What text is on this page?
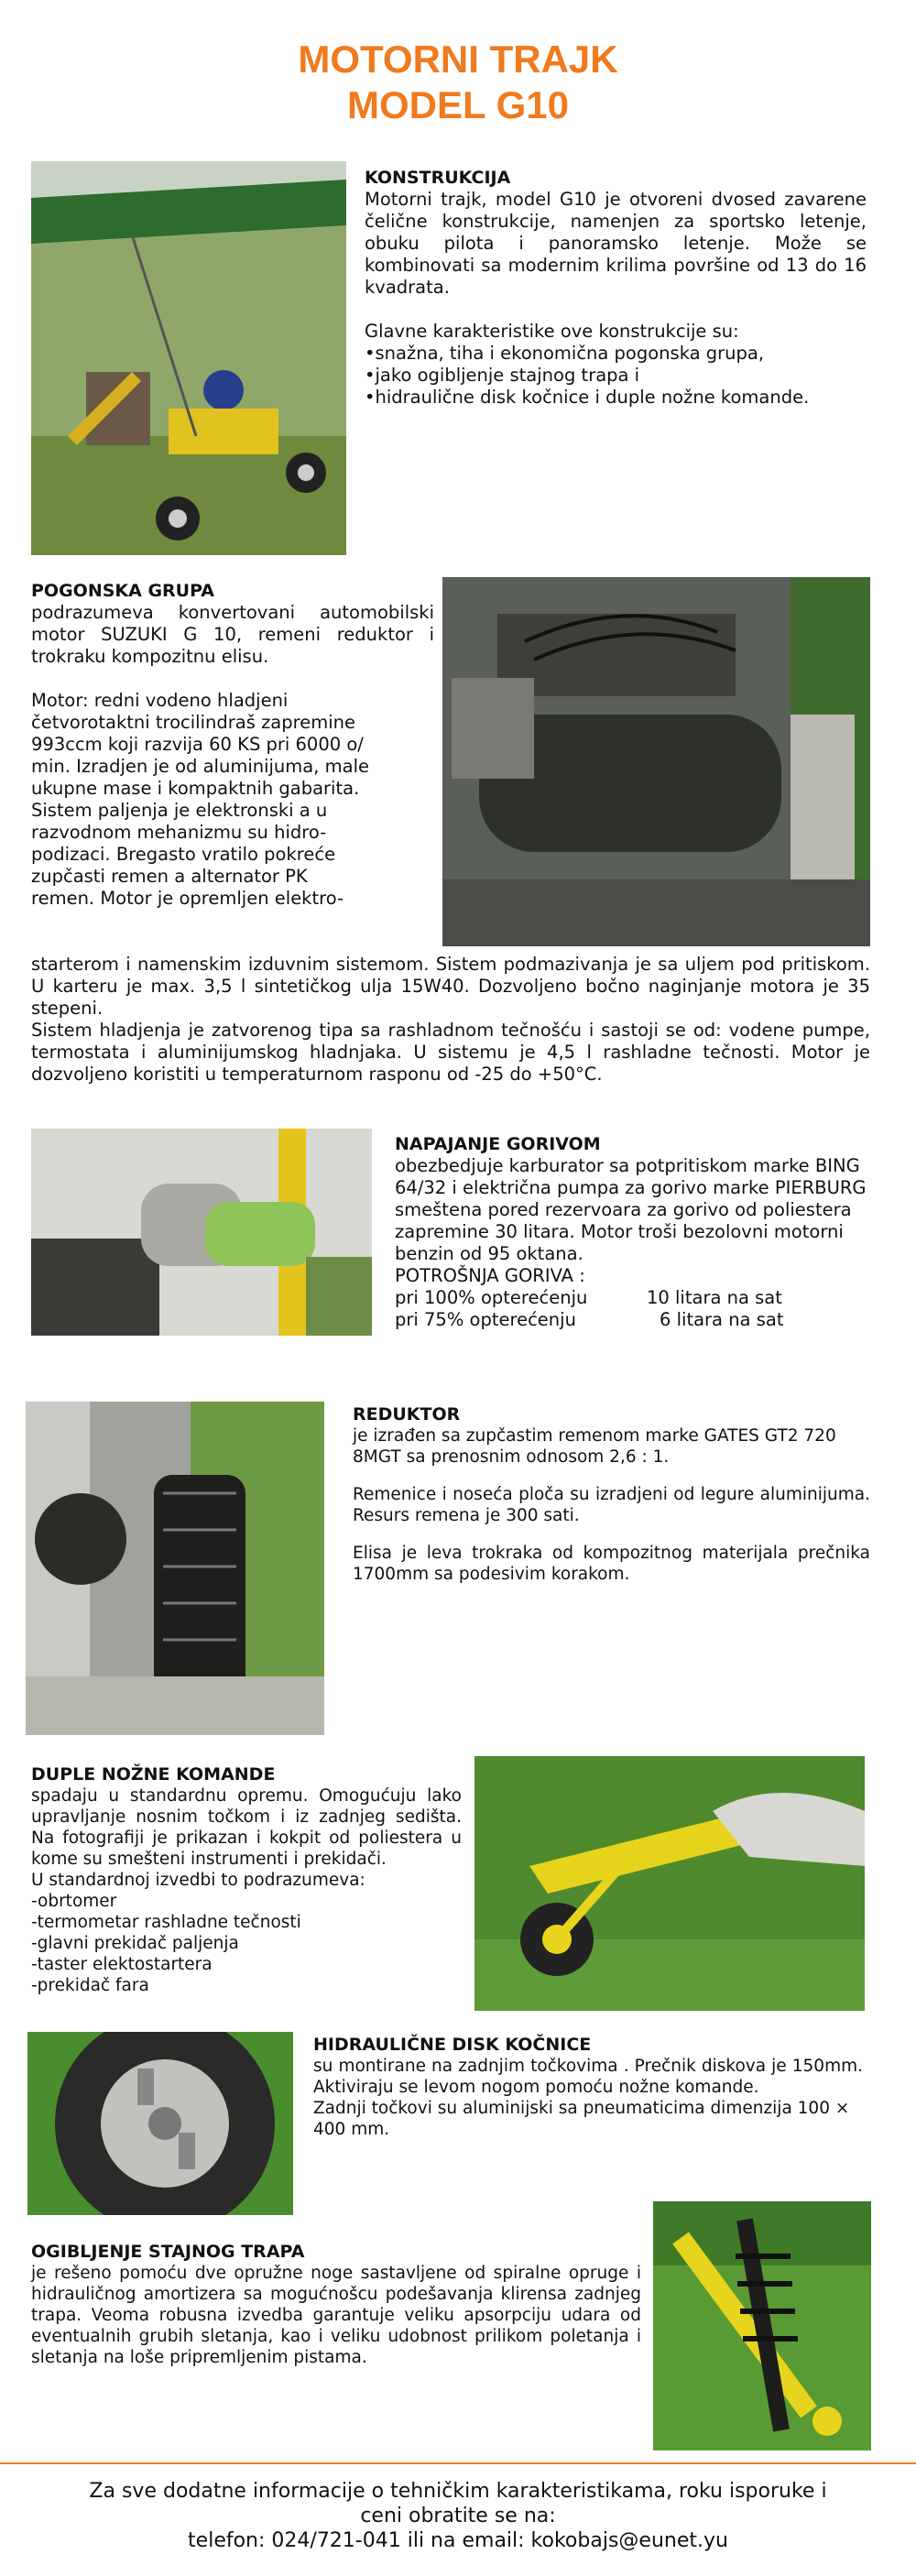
MOTORNI TRAJK
MODEL G10

KONSTRUKCIJA

Motorni trajk, model G10 je otvoreni dvosed zavarene čelične konstrukcije, namenjen za sportsko letenje, obuku pilota i panoramsko letenje. Može se kombinovati sa modernim krilima površine od 13 do 16 kvadrata.

Glavne karakteristike ove konstrukcije su:

•snažna, tiha i ekonomična pogonska grupa,

•jako ogibljenje stajnog trapa i

•hidraulične disk kočnice i duple nožne komande.

POGONSKA GRUPA

podrazumeva konvertovani automobilski motor SUZUKI G 10, remeni reduktor i trokraku kompozitnu elisu.

Motor: redni vodeno hladjeni

četvorotaktni trocilindraš zapremine

993ccm koji razvija 60 KS pri 6000 o/

min. Izradjen je od aluminijuma, male

ukupne mase i kompaktnih gabarita.

Sistem paljenja je elektronski a u

razvodnom mehanizmu su hidro-

podizaci. Bregasto vratilo pokreće

zupčasti remen a alternator PK

remen. Motor je opremljen elektro-

starterom i namenskim izduvnim sistemom. Sistem podmazivanja je sa uljem pod pritiskom. U karteru je max. 3,5 l sintetičkog ulja 15W40. Dozvoljeno bočno naginjanje motora je 35 stepeni.

Sistem hladjenja je zatvorenog tipa sa rashladnom tečnošću i sastoji se od: vodene pumpe, termostata i aluminijumskog hladnjaka. U sistemu je 4,5 l rashladne tečnosti. Motor je dozvoljeno koristiti u temperaturnom rasponu od -25 do +50°C.

NAPAJANJE GORIVOM

obezbedjuje karburator sa potpritiskom marke BING 64/32 i električna pumpa za gorivo marke PIERBURG smeštena pored rezervoara za gorivo od poliestera zapremine 30 litara. Motor troši bezolovni motorni benzin od 95 oktana.

POTROŠNJA GORIVA :

pri 100% opterećenju	10 litara na sat
pri 75% opterećenju	6 litara na sat

REDUKTOR

je izrađen sa zupčastim remenom marke GATES GT2 720 8MGT sa prenosnim odnosom 2,6 : 1.

Remenice i noseća ploča su izradjeni od legure aluminijuma. Resurs remena je 300 sati.

Elisa je leva trokraka od kompozitnog materijala prečnika 1700mm sa podesivim korakom.

DUPLE NOŽNE KOMANDE

spadaju u standardnu opremu. Omogućuju lako upravljanje nosnim točkom i iz zadnjeg sedišta. Na fotografiji je prikazan i kokpit od poliestera u kome su smešteni instrumenti i prekidači.

U standardnoj izvedbi to podrazumeva:

-obrtomer

-termometar rashladne tečnosti

-glavni prekidač paljenja

-taster elektostartera

-prekidač fara

HIDRAULIČNE DISK KOČNICE

su montirane na zadnjim točkovima . Prečnik diskova je 150mm. Aktiviraju se levom nogom pomoću nožne komande.

Zadnji točkovi su aluminijski sa pneumaticima dimenzija 100 × 400 mm.

OGIBLJENJE STAJNOG TRAPA

je rešeno pomoću dve opružne noge sastavljene od spiralne opruge i hidrauličnog amortizera sa mogućnošcu podešavanja klirensa zadnjeg trapa. Veoma robusna izvedba garantuje veliku apsorpciju udara od eventualnih grubih sletanja, kao i veliku udobnost prilikom poletanja i sletanja na loše pripremljenim pistama.

Za sve dodatne informacije o tehničkim karakteristikama, roku isporuke i
ceni obratite se na:
telefon: 024/721-041 ili na email: kokobajs@eunet.yu
